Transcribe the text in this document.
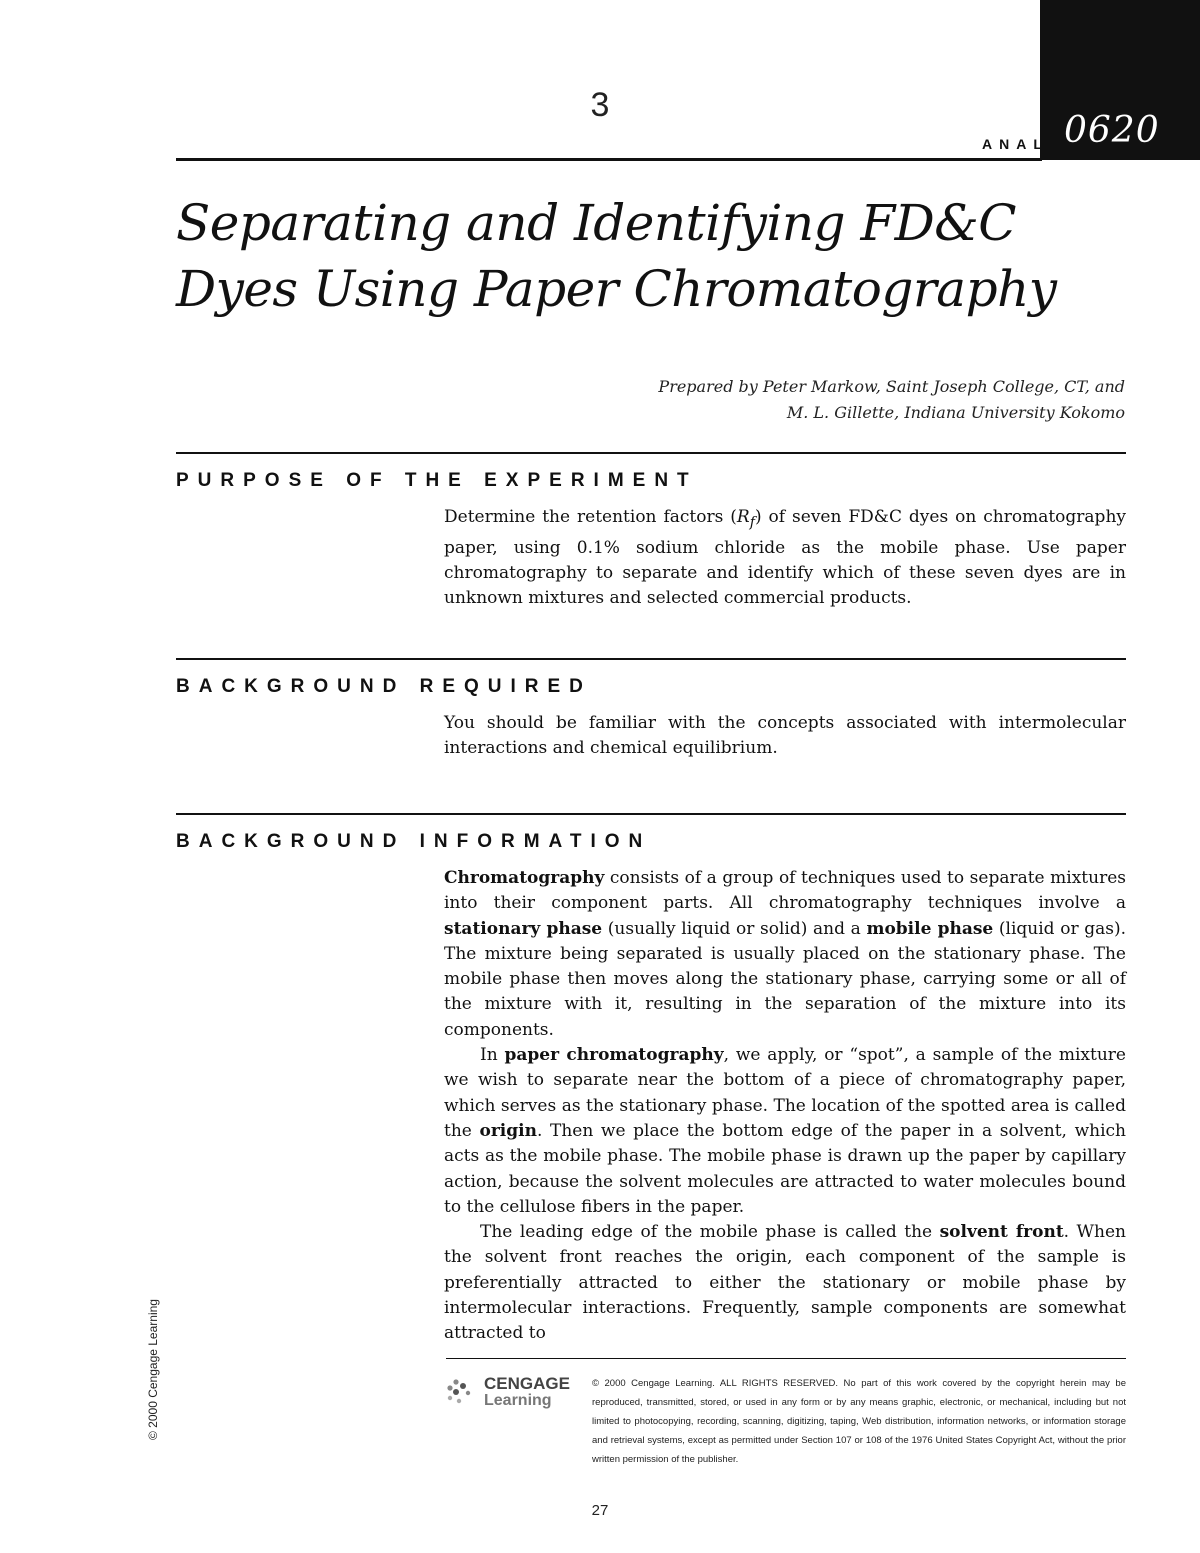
3
0620
ANAL
Separating and Identifying FD&C
Dyes Using Paper Chromatography
Prepared by Peter Markow, Saint Joseph College, CT, and
M. L. Gillette, Indiana University Kokomo
PURPOSE OF THE EXPERIMENT

Determine the retention factors $(R_f)$ of seven FD&C dyes on chromatography paper, using 0.1% sodium chloride as the mobile phase. Use paper chromatography to separate and identify which of these seven dyes are in unknown mixtures and selected commercial products.

BACKGROUND REQUIRED

You should be familiar with the concepts associated with intermolecular interactions and chemical equilibrium.

BACKGROUND INFORMATION

Chromatography consists of a group of techniques used to separate mixtures into their component parts. All chromatography techniques involve a stationary phase (usually liquid or solid) and a mobile phase (liquid or gas). The mixture being separated is usually placed on the stationary phase. The mobile phase then moves along the stationary phase, carrying some or all of the mixture with it, resulting in the separation of the mixture into its components.

In paper chromatography, we apply, or “spot”, a sample of the mixture we wish to separate near the bottom of a piece of chromatography paper, which serves as the stationary phase. The location of the spotted area is called the origin. Then we place the bottom edge of the paper in a solvent, which acts as the mobile phase. The mobile phase is drawn up the paper by capillary action, because the solvent molecules are attracted to water molecules bound to the cellulose fibers in the paper.

The leading edge of the mobile phase is called the solvent front. When the solvent front reaches the origin, each component of the sample is preferentially attracted to either the stationary or mobile phase by intermolecular interactions. Frequently, sample components are somewhat attracted to

© 2000 Cengage Learning	CENGAGE
Learning
© 2000 Cengage Learning. ALL RIGHTS RESERVED. No part of this work covered by the copyright herein may be reproduced, transmitted, stored, or used in any form or by any means graphic, electronic, or mechanical, including but not limited to photocopying, recording, scanning, digitizing, taping, Web distribution, information networks, or information storage and retrieval systems, except as permitted under Section 107 or 108 of the 1976 United States Copyright Act, without the prior written permission of the publisher.
27
